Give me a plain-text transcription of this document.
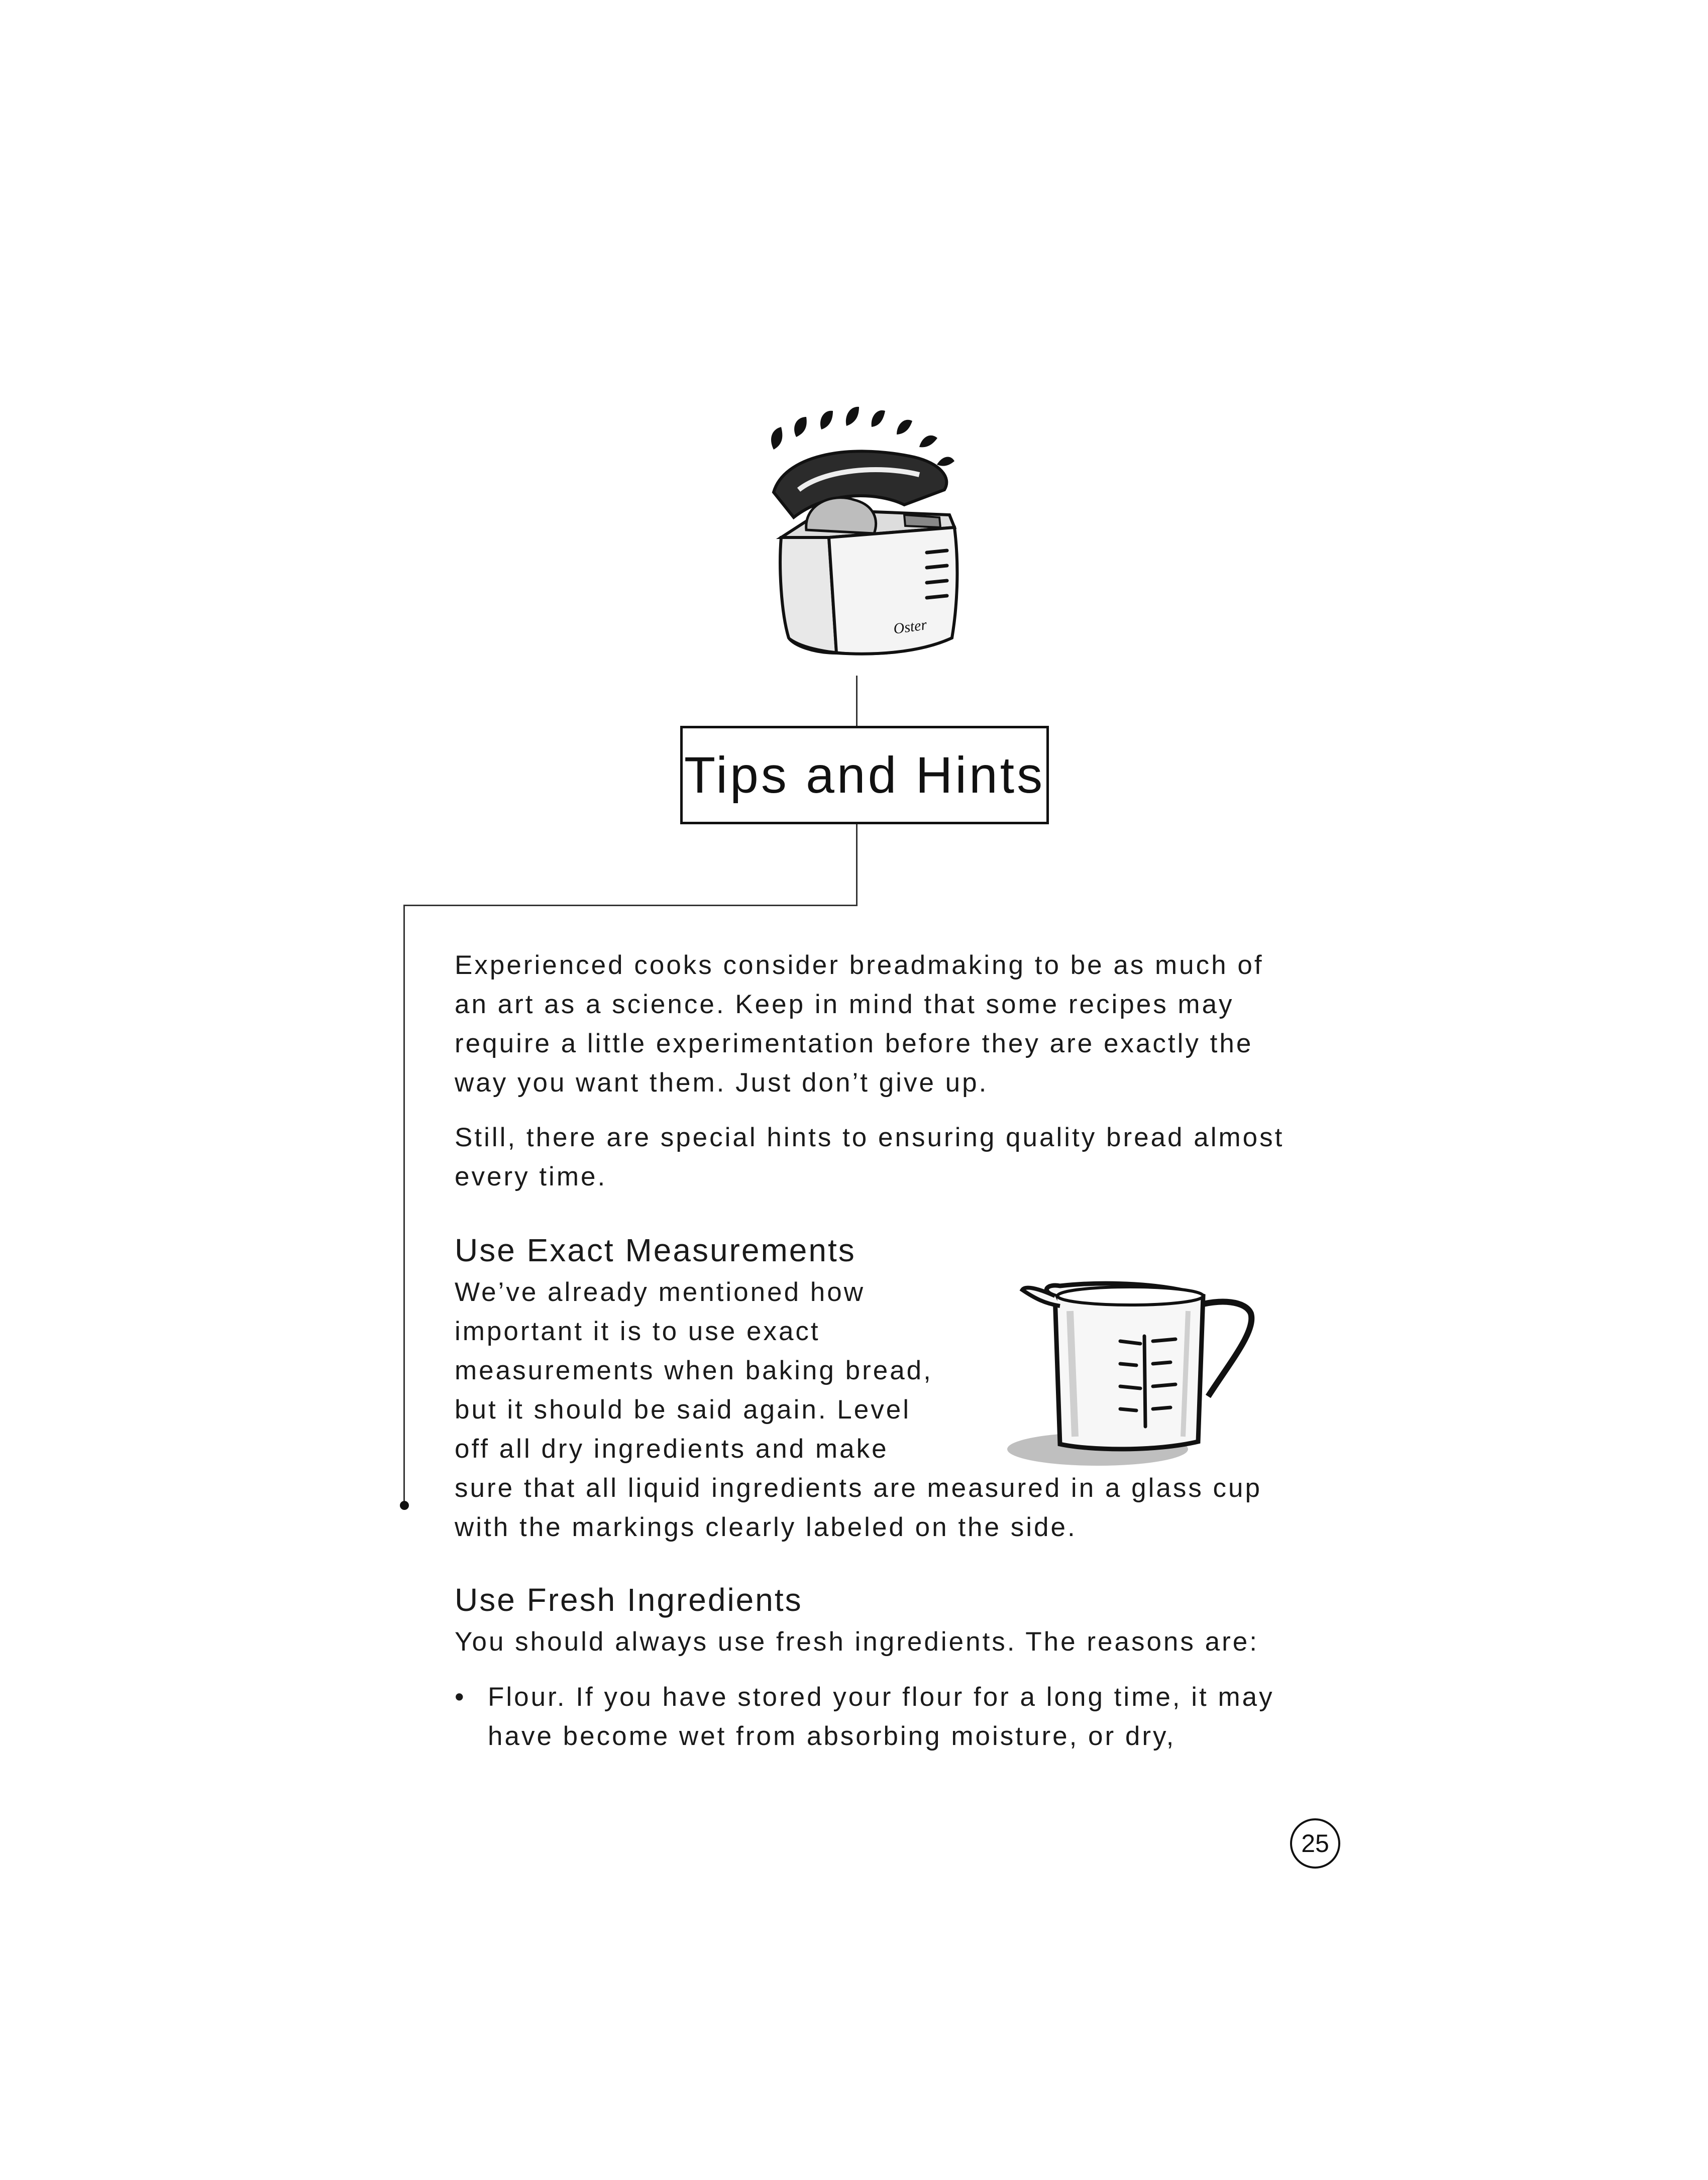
Oster
Tips and Hints

Experienced cooks consider breadmaking to be as much of

an art as a science. Keep in mind that some recipes may

require a little experimentation before they are exactly the

way you want them. Just don’t give up.

Still, there are special hints to ensuring quality bread almost

every time.

Use Exact Measurements

We’ve already mentioned how

important it is to use exact

measurements when baking bread,

but it should be said again. Level

off all dry ingredients and make

sure that all liquid ingredients are measured in a glass cup

with the markings clearly labeled on the side.

Use Fresh Ingredients

You should always use fresh ingredients. The reasons are:

• Flour. If you have stored your flour for a long time, it may
have become wet from absorbing moisture, or dry,
25
